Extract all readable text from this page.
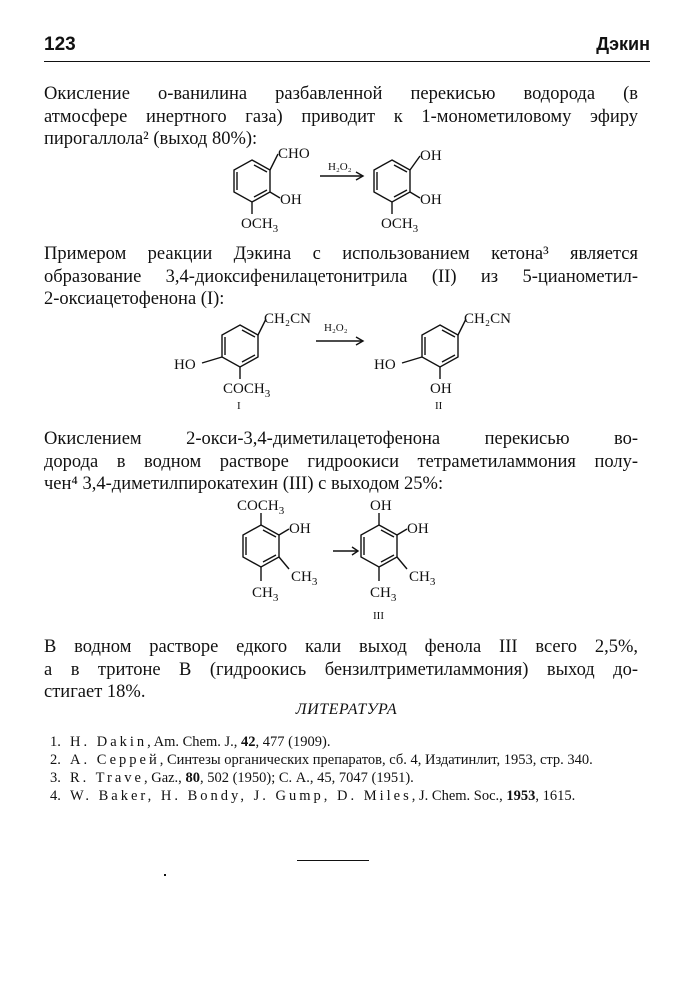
123	Дэкин
Окисление о-ванилина разбавленной перекисью водорода (в
атмосфере инертного газа) приводит к 1-монометиловому эфиру
пирогаллола² (выход 80%):
CHO
OH
$OCH_3$
H₂O₂
OH
OH
$OCH_3$
Примером реакции Дэкина с использованием кетона³ является
образование 3,4-диоксифенилацетонитрила (II) из 5-цианометил-
2-оксиацетофенона (I):
CH₂CN
HO
$COCH_3$
I
H₂O₂
CH₂CN
HO
OH
II
Окислением 2-окси-3,4-диметилацетофенона перекисью во-
дорода в водном растворе гидроокиси тетраметиламмония полу-
чен⁴ 3,4-диметилпирокатехин (III) с выходом 25%:
$COCH_3$
OH
$CH_3$
$CH_3$
OH
OH
$CH_3$
$CH_3$
III
В водном растворе едкого кали выход фенола III всего 2,5%,
а в тритоне В (гидроокись бензилтриметиламмония) выход до-
стигает 18%.
ЛИТЕРАТУРА
1. H. Dakin, Am. Chem. J., 42, 477 (1909).
2. А. Серрей, Синтезы органических препаратов, сб. 4, Издатинлит, 1953, стр. 340.
3. R. Trave, Gaz., 80, 502 (1950); С. А., 45, 7047 (1951).
4. W. Baker, H. Bondy, J. Gump, D. Miles, J. Chem. Soc., 1953, 1615.
